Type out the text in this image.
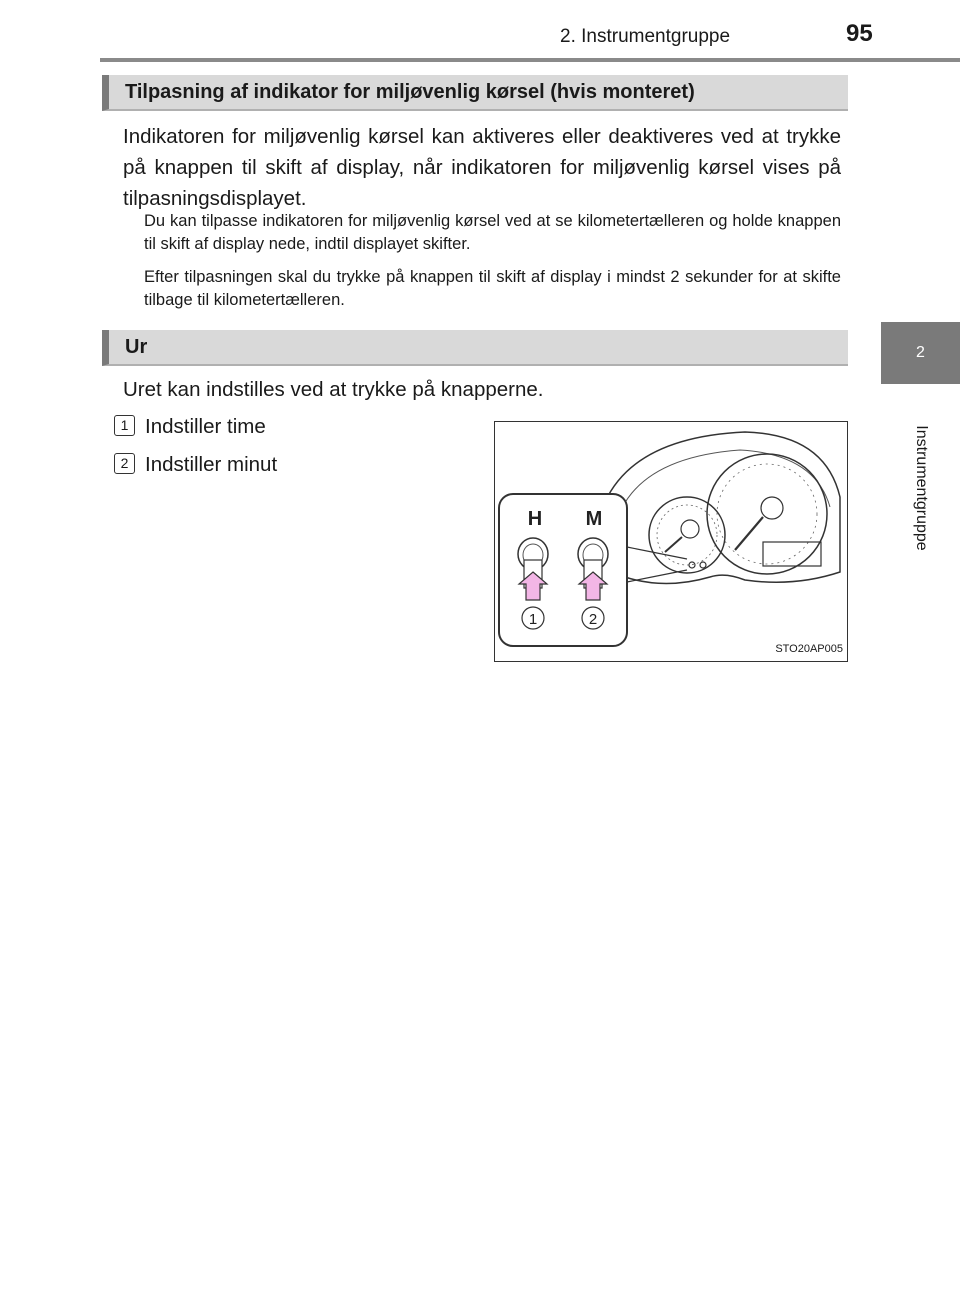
2. Instrumentgruppe	95
2
Instrumentgruppe
Tilpasning af indikator for miljøvenlig kørsel (hvis monteret)

Indikatoren for miljøvenlig kørsel kan aktiveres eller deaktiveres ved at trykke på knappen til skift af display, når indikatoren for miljøvenlig kørsel vises på tilpasningsdisplayet.

Du kan tilpasse indikatoren for miljøvenlig kørsel ved at se kilometertælleren og holde knappen til skift af display nede, indtil displayet skifter.

Efter tilpasningen skal du trykke på knappen til skift af display i mindst 2 sekunder for at skifte tilbage til kilometertælleren.

Ur

Uret kan indstilles ved at trykke på knapperne.

1 Indstiller time
2 Indstiller minut
H M
1	2
STO20AP005
